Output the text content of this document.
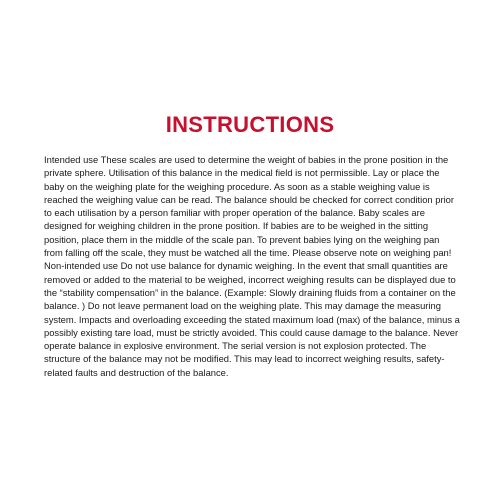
INSTRUCTIONS

Intended use These scales are used to determine the weight of babies in the prone position in the private sphere. Utilisation of this balance in the medical field is not permissible. Lay or place the baby on the weighing plate for the weighing procedure. As soon as a stable weighing value is reached the weighing value can be read. The balance should be checked for correct condition prior to each utilisation by a person familiar with proper operation of the balance. Baby scales are designed for weighing children in the prone position. If babies are to be weighed in the sitting position, place them in the middle of the scale pan. To prevent babies lying on the weighing pan from falling off the scale, they must be watched all the time. Please observe note on weighing pan! Non-intended use Do not use balance for dynamic weighing. In the event that small quantities are removed or added to the material to be weighed, incorrect weighing results can be displayed due to the “stability compensation” in the balance. (Example: Slowly draining fluids from a container on the balance. ) Do not leave permanent load on the weighing plate. This may damage the measuring system. Impacts and overloading exceeding the stated maximum load (max) of the balance, minus a possibly existing tare load, must be strictly avoided. This could cause damage to the balance. Never operate balance in explosive environment. The serial version is not explosion protected. The structure of the balance may not be modified. This may lead to incorrect weighing results, safety-related faults and destruction of the balance.
